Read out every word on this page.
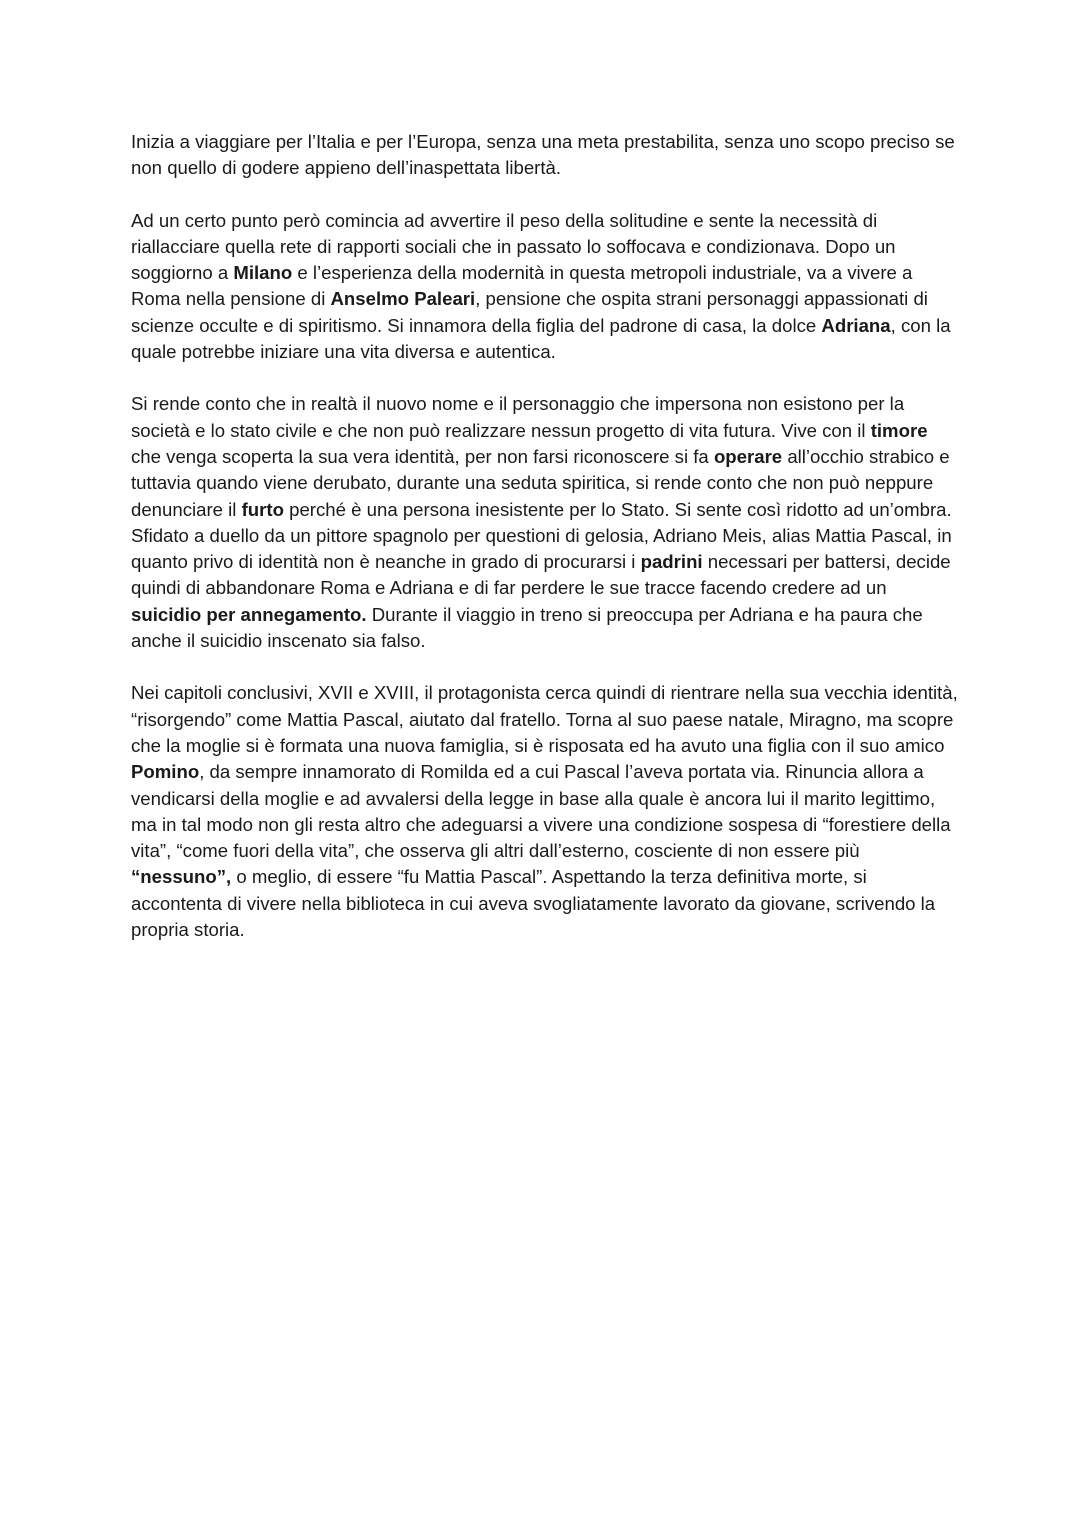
Inizia a viaggiare per l’Italia e per l’Europa, senza una meta prestabilita, senza uno scopo preciso se non quello di godere appieno dell’inaspettata libertà.

Ad un certo punto però comincia ad avvertire il peso della solitudine e sente la necessità di riallacciare quella rete di rapporti sociali che in passato lo soffocava e condizionava. Dopo un soggiorno a Milano e l’esperienza della modernità in questa metropoli industriale, va a vivere a Roma nella pensione di Anselmo Paleari, pensione che ospita strani personaggi appassionati di scienze occulte e di spiritismo. Si innamora della figlia del padrone di casa, la dolce Adriana, con la quale potrebbe iniziare una vita diversa e autentica.

Si rende conto che in realtà il nuovo nome e il personaggio che impersona non esistono per la società e lo stato civile e che non può realizzare nessun progetto di vita futura. Vive con il timore che venga scoperta la sua vera identità, per non farsi riconoscere si fa operare all’occhio strabico e tuttavia quando viene derubato, durante una seduta spiritica, si rende conto che non può neppure denunciare il furto perché è una persona inesistente per lo Stato. Si sente così ridotto ad un’ombra. Sfidato a duello da un pittore spagnolo per questioni di gelosia, Adriano Meis, alias Mattia Pascal, in quanto privo di identità non è neanche in grado di procurarsi i padrini necessari per battersi, decide quindi di abbandonare Roma e Adriana e di far perdere le sue tracce facendo credere ad un suicidio per annegamento. Durante il viaggio in treno si preoccupa per Adriana e ha paura che anche il suicidio inscenato sia falso.

Nei capitoli conclusivi, XVII e XVIII, il protagonista cerca quindi di rientrare nella sua vecchia identità, “risorgendo” come Mattia Pascal, aiutato dal fratello. Torna al suo paese natale, Miragno, ma scopre che la moglie si è formata una nuova famiglia, si è risposata ed ha avuto una figlia con il suo amico Pomino, da sempre innamorato di Romilda ed a cui Pascal l’aveva portata via. Rinuncia allora a vendicarsi della moglie e ad avvalersi della legge in base alla quale è ancora lui il marito legittimo, ma in tal modo non gli resta altro che adeguarsi a vivere una condizione sospesa di “forestiere della vita”, “come fuori della vita”, che osserva gli altri dall’esterno, cosciente di non essere più “nessuno”, o meglio, di essere “fu Mattia Pascal”. Aspettando la terza definitiva morte, si accontenta di vivere nella biblioteca in cui aveva svogliatamente lavorato da giovane, scrivendo la propria storia.
